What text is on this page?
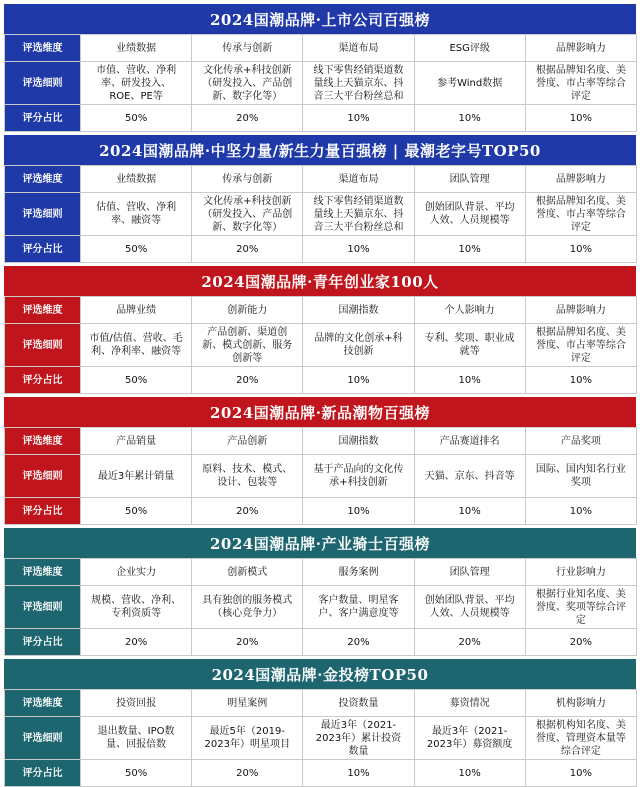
2024国潮品牌·上市公司百强榜
评选维度	业绩数据	传承与创新	渠道布局	ESG评级	品牌影响力
评选细则	市值、营收、净利率、研发投入、ROE、PE等	文化传承+科技创新（研发投入、产品创新、数字化等）	线下零售经销渠道数量线上天猫京东、抖音三大平台粉丝总和	参考Wind数据	根据品牌知名度、美誉度、市占率等综合评定
评分占比	50%	20%	10%	10%	10%
2024国潮品牌·中坚力量/新生力量百强榜 | 最潮老字号TOP50
评选维度	业绩数据	传承与创新	渠道布局	团队管理	品牌影响力
评选细则	估值、营收、净利率、融资等	文化传承+科技创新（研发投入、产品创新、数字化等）	线下零售经销渠道数量线上天猫京东、抖音三大平台粉丝总和	创始团队背景、平均人效、人员规模等	根据品牌知名度、美誉度、市占率等综合评定
评分占比	50%	20%	10%	10%	10%
2024国潮品牌·青年创业家100人
评选维度	品牌业绩	创新能力	国潮指数	个人影响力	品牌影响力
评选细则	市值/估值、营收、毛利、净利率、融资等	产品创新、渠道创新、模式创新、服务创新等	品牌的文化创承+科技创新	专利、奖项、职业成就等	根据品牌知名度、美誉度、市占率等综合评定
评分占比	50%	20%	10%	10%	10%
2024国潮品牌·新品潮物百强榜
评选维度	产品销量	产品创新	国潮指数	产品赛道排名	产品奖项
评选细则	最近3年累计销量	原料、技术、模式、设计、包装等	基于产品向的文化传承+科技创新	天猫、京东、抖音等	国际、国内知名行业奖项
评分占比	50%	20%	10%	10%	10%
2024国潮品牌·产业骑士百强榜
评选维度	企业实力	创新模式	服务案例	团队管理	行业影响力
评选细则	规模、营收、净利、专利资质等	具有独创的服务模式（核心竞争力）	客户数量、明星客户、客户满意度等	创始团队背景、平均人效、人员规模等	根据行业知名度、美誉度、奖项等综合评定
评分占比	20%	20%	20%	20%	20%
2024国潮品牌·金投榜TOP50
评选维度	投资回报	明星案例	投资数量	募资情况	机构影响力
评选细则	退出数量、IPO数量、回报倍数	最近5年（2019-2023年）明星项目	最近3年（2021-2023年）累计投资数量	最近3年（2021-2023年）募资额度	根据机构知名度、美誉度、管理资本量等综合评定
评分占比	50%	20%	10%	10%	10%
